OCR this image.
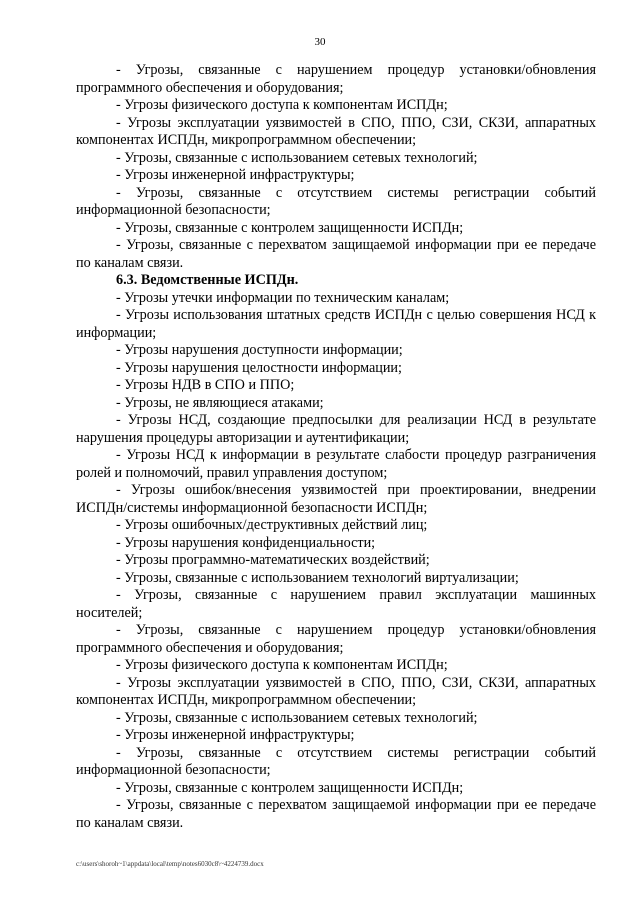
30

- Угрозы, связанные с нарушением процедур установки/обновления программного обеспечения и оборудования;

- Угрозы физического доступа к компонентам ИСПДн;

- Угрозы эксплуатации уязвимостей в СПО, ППО, СЗИ, СКЗИ, аппаратных компонентах ИСПДн, микропрограммном обеспечении;

- Угрозы, связанные с использованием сетевых технологий;

- Угрозы инженерной инфраструктуры;

- Угрозы, связанные с отсутствием системы регистрации событий информационной безопасности;

- Угрозы, связанные с контролем защищенности ИСПДн;

- Угрозы, связанные с перехватом защищаемой информации при ее передаче по каналам связи.

6.3. Ведомственные ИСПДн.

- Угрозы утечки информации по техническим каналам;

- Угрозы использования штатных средств ИСПДн с целью совершения НСД к информации;

- Угрозы нарушения доступности информации;

- Угрозы нарушения целостности информации;

- Угрозы НДВ в СПО и ППО;

- Угрозы, не являющиеся атаками;

- Угрозы НСД, создающие предпосылки для реализации НСД в результате нарушения процедуры авторизации и аутентификации;

- Угрозы НСД к информации в результате слабости процедур разграничения ролей и полномочий, правил управления доступом;

- Угрозы ошибок/внесения уязвимостей при проектировании, внедрении ИСПДн/системы информационной безопасности ИСПДн;

- Угрозы ошибочных/деструктивных действий лиц;

- Угрозы нарушения конфиденциальности;

- Угрозы программно-математических воздействий;

- Угрозы, связанные с использованием технологий виртуализации;

- Угрозы, связанные с нарушением правил эксплуатации машинных носителей;

- Угрозы, связанные с нарушением процедур установки/обновления программного обеспечения и оборудования;

- Угрозы физического доступа к компонентам ИСПДн;

- Угрозы эксплуатации уязвимостей в СПО, ППО, СЗИ, СКЗИ, аппаратных компонентах ИСПДн, микропрограммном обеспечении;

- Угрозы, связанные с использованием сетевых технологий;

- Угрозы инженерной инфраструктуры;

- Угрозы, связанные с отсутствием системы регистрации событий информационной безопасности;

- Угрозы, связанные с контролем защищенности ИСПДн;

- Угрозы, связанные с перехватом защищаемой информации при ее передаче по каналам связи.

c:\users\shoroh~1\appdata\local\temp\notes6030c8\~4224739.docx
